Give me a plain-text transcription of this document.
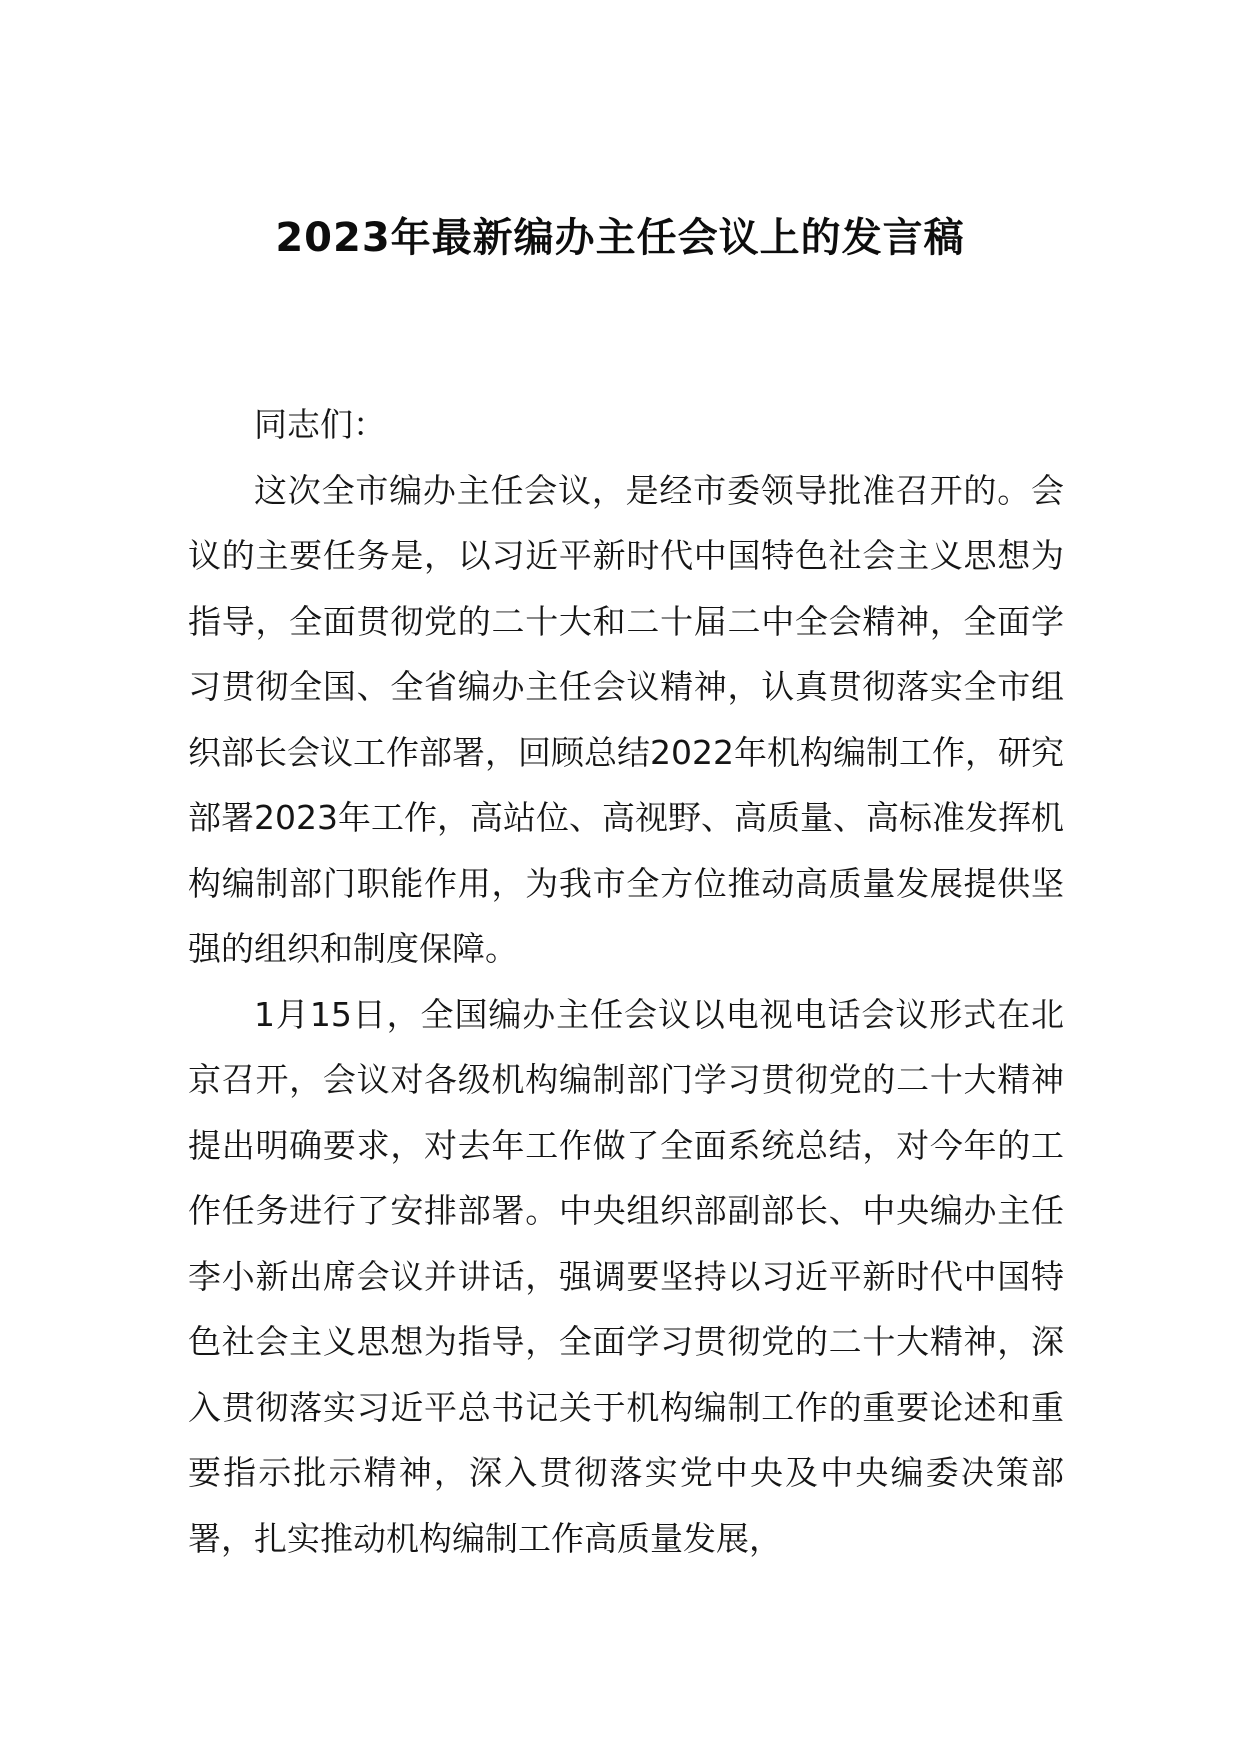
2023年最新编办主任会议上的发言稿

同志们：

这次全市编办主任会议，是经市委领导批准召开的。会议的主要任务是，以习近平新时代中国特色社会主义思想为指导，全面贯彻党的二十大和二十届二中全会精神，全面学习贯彻全国、全省编办主任会议精神，认真贯彻落实全市组织部长会议工作部署，回顾总结2022年机构编制工作，研究部署2023年工作，高站位、高视野、高质量、高标准发挥机构编制部门职能作用，为我市全方位推动高质量发展提供坚强的组织和制度保障。

1月15日，全国编办主任会议以电视电话会议形式在北京召开，会议对各级机构编制部门学习贯彻党的二十大精神提出明确要求，对去年工作做了全面系统总结，对今年的工作任务进行了安排部署。中央组织部副部长、中央编办主任李小新出席会议并讲话，强调要坚持以习近平新时代中国特色社会主义思想为指导，全面学习贯彻党的二十大精神，深入贯彻落实习近平总书记关于机构编制工作的重要论述和重要指示批示精神，深入贯彻落实党中央及中央编委决策部署，扎实推动机构编制工作高质量发展，
